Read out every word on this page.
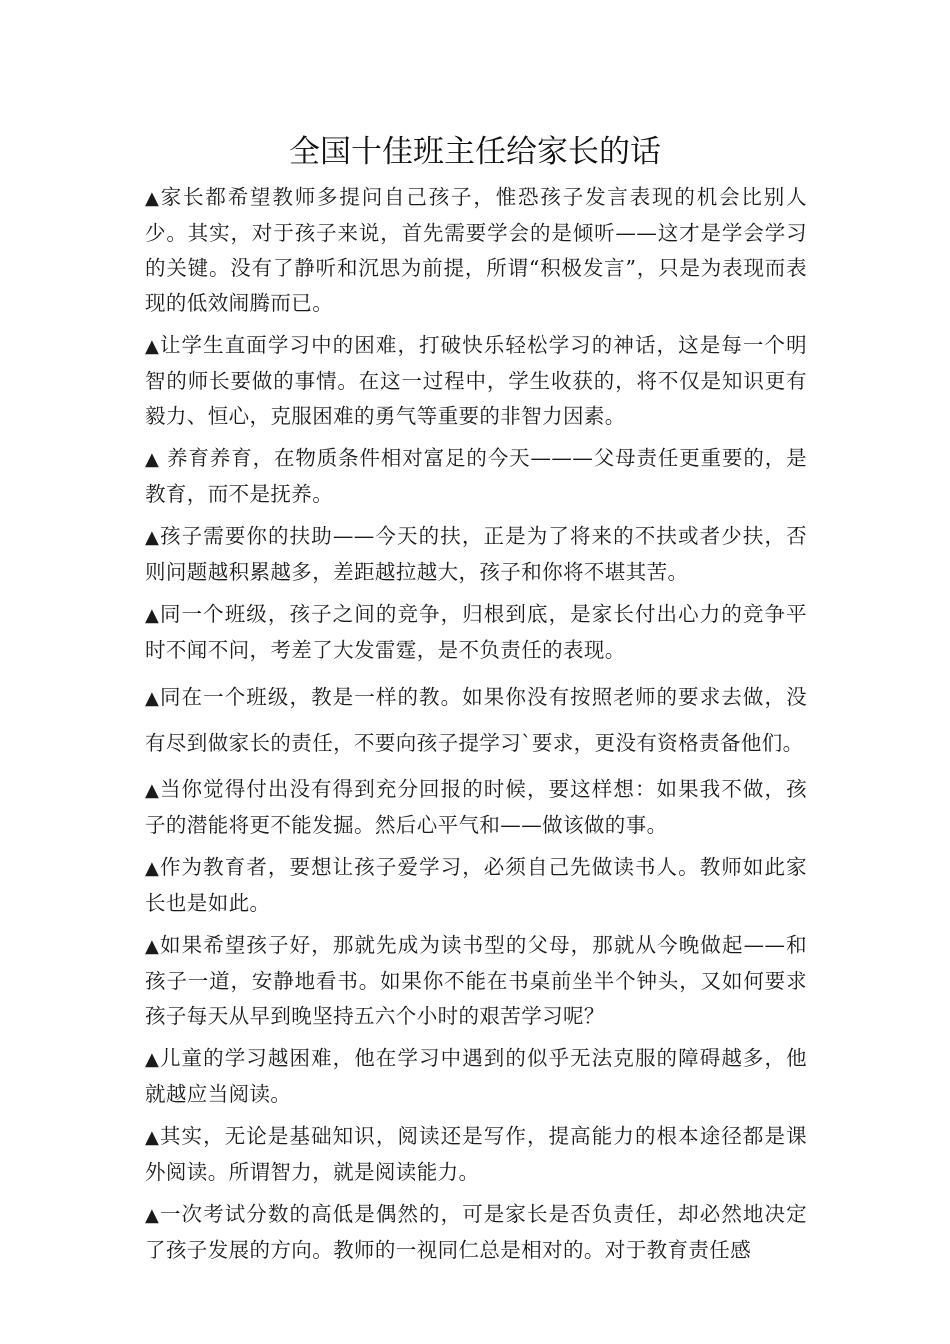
全国十佳班主任给家长的话

▲家长都希望教师多提问自己孩子，惟恐孩子发言表现的机会比别人少。其实，对于孩子来说，首先需要学会的是倾听——这才是学会学习的关键。没有了静听和沉思为前提，所谓“积极发言”，只是为表现而表现的低效闹腾而已。

▲让学生直面学习中的困难，打破快乐轻松学习的神话，这是每一个明智的师长要做的事情。在这一过程中，学生收获的，将不仅是知识更有毅力、恒心，克服困难的勇气等重要的非智力因素。

▲ 养育养育，在物质条件相对富足的今天———父母责任更重要的，是教育，而不是抚养。

▲孩子需要你的扶助——今天的扶，正是为了将来的不扶或者少扶，否则问题越积累越多，差距越拉越大，孩子和你将不堪其苦。

▲同一个班级，孩子之间的竞争，归根到底，是家长付出心力的竞争平时不闻不问，考差了大发雷霆，是不负责任的表现。

▲同在一个班级，教是一样的教。如果你没有按照老师的要求去做，没有尽到做家长的责任，不要向孩子提学习`要求，更没有资格责备他们。

▲当你觉得付出没有得到充分回报的时候，要这样想：如果我不做，孩子的潜能将更不能发掘。然后心平气和——做该做的事。

▲作为教育者，要想让孩子爱学习，必须自己先做读书人。教师如此家长也是如此。

▲如果希望孩子好，那就先成为读书型的父母，那就从今晚做起——和孩子一道，安静地看书。如果你不能在书桌前坐半个钟头，又如何要求孩子每天从早到晚坚持五六个小时的艰苦学习呢？

▲儿童的学习越困难，他在学习中遇到的似乎无法克服的障碍越多，他就越应当阅读。

▲其实，无论是基础知识，阅读还是写作，提高能力的根本途径都是课外阅读。所谓智力，就是阅读能力。

▲一次考试分数的高低是偶然的，可是家长是否负责任，却必然地决定了孩子发展的方向。教师的一视同仁总是相对的。对于教育责任感
